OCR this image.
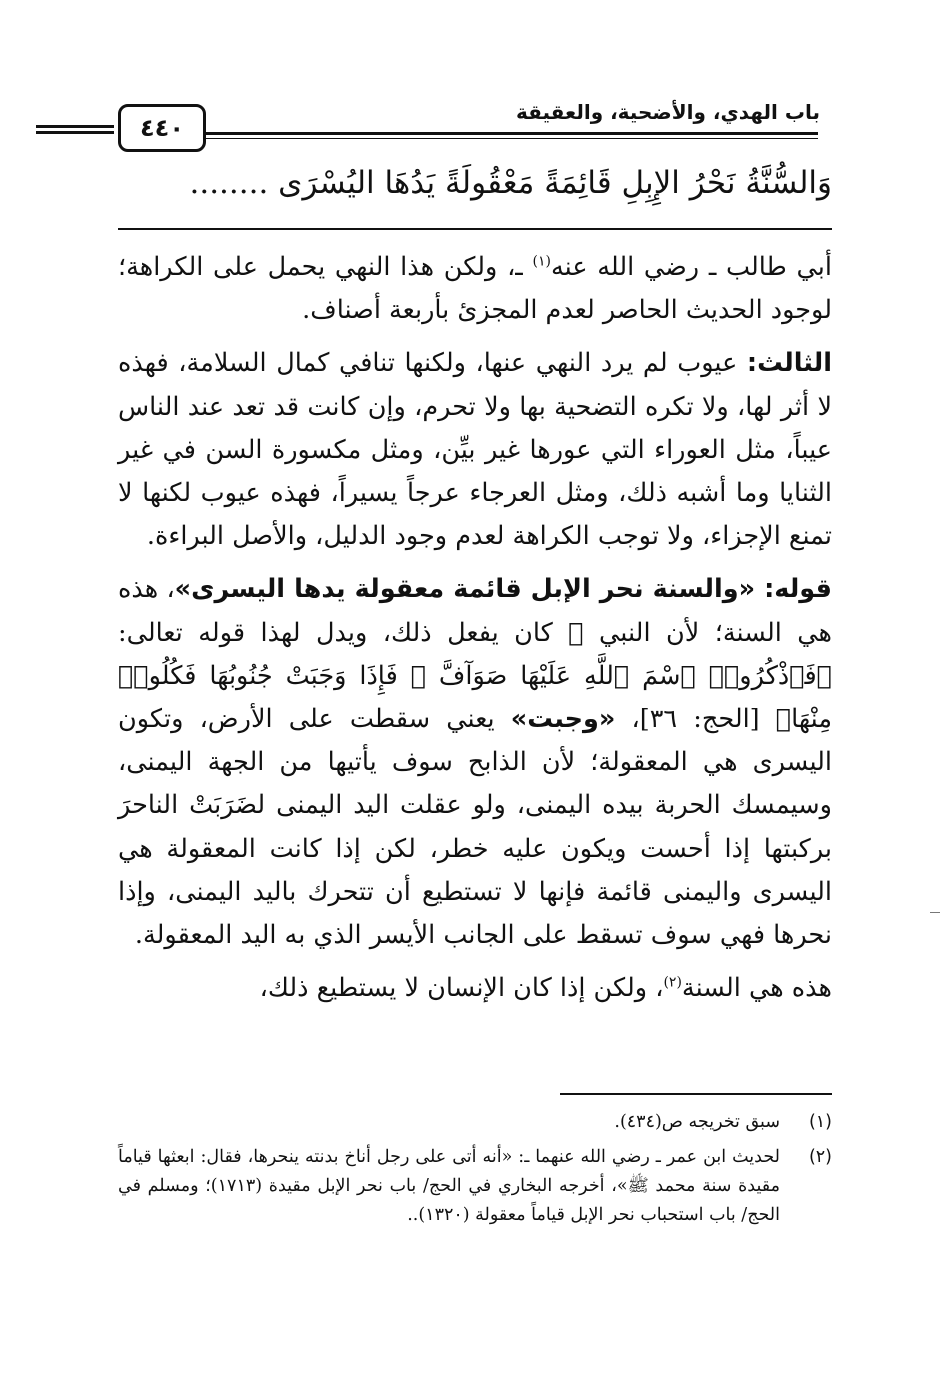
٤٤٠
باب الهدي، والأضحية، والعقيقة
وَالسُّنَّةُ نَحْرُ الإِبِلِ قَائِمَةً مَعْقُولَةً يَدُهَا اليُسْرَى ........

أبي طالب ـ رضي الله عنه$^{(١)}$ ـ، ولكن هذا النهي يحمل على الكراهة؛ لوجود الحديث الحاصر لعدم المجزئ بأربعة أصناف.

الثالث: عيوب لم يرد النهي عنها، ولكنها تنافي كمال السلامة، فهذه لا أثر لها، ولا تكره التضحية بها ولا تحرم، وإن كانت قد تعد عند الناس عيباً، مثل العوراء التي عورها غير بيِّن، ومثل مكسورة السن في غير الثنايا وما أشبه ذلك، ومثل العرجاء عرجاً يسيراً، فهذه عيوب لكنها لا تمنع الإجزاء، ولا توجب الكراهة لعدم وجود الدليل، والأصل البراءة.

قوله: «والسنة نحر الإبل قائمة معقولة يدها اليسرى»، هذه هي السنة؛ لأن النبي ﷺ كان يفعل ذلك، ويدل لهذا قوله تعالى: ﴿فَٱذْكُرُوا۟ ٱسْمَ ٱللَّهِ عَلَيْهَا صَوَآفَّ ۖ فَإِذَا وَجَبَتْ جُنُوبُهَا فَكُلُوا۟ مِنْهَا﴾ [الحج: ٣٦]، «وجبت» يعني سقطت على الأرض، وتكون اليسرى هي المعقولة؛ لأن الذابح سوف يأتيها من الجهة اليمنى، وسيمسك الحربة بيده اليمنى، ولو عقلت اليد اليمنى لضَرَبَتْ الناحرَ بركبتها إذا أحست ويكون عليه خطر، لكن إذا كانت المعقولة هي اليسرى واليمنى قائمة فإنها لا تستطيع أن تتحرك باليد اليمنى، وإذا نحرها فهي سوف تسقط على الجانب الأيسر الذي به اليد المعقولة.

هذه هي السنة$^{(٢)}$، ولكن إذا كان الإنسان لا يستطيع ذلك،

(١)
سبق تخريجه ص(٤٣٤).
(٢)
لحديث ابن عمر ـ رضي الله عنهما ـ: «أنه أتى على رجل أناخ بدنته ينحرها، فقال: ابعثها قياماً مقيدة سنة محمد ﷺ»، أخرجه البخاري في الحج/ باب نحر الإبل مقيدة (١٧١٣)؛ ومسلم في الحج/ باب استحباب نحر الإبل قياماً معقولة (١٣٢٠)..
